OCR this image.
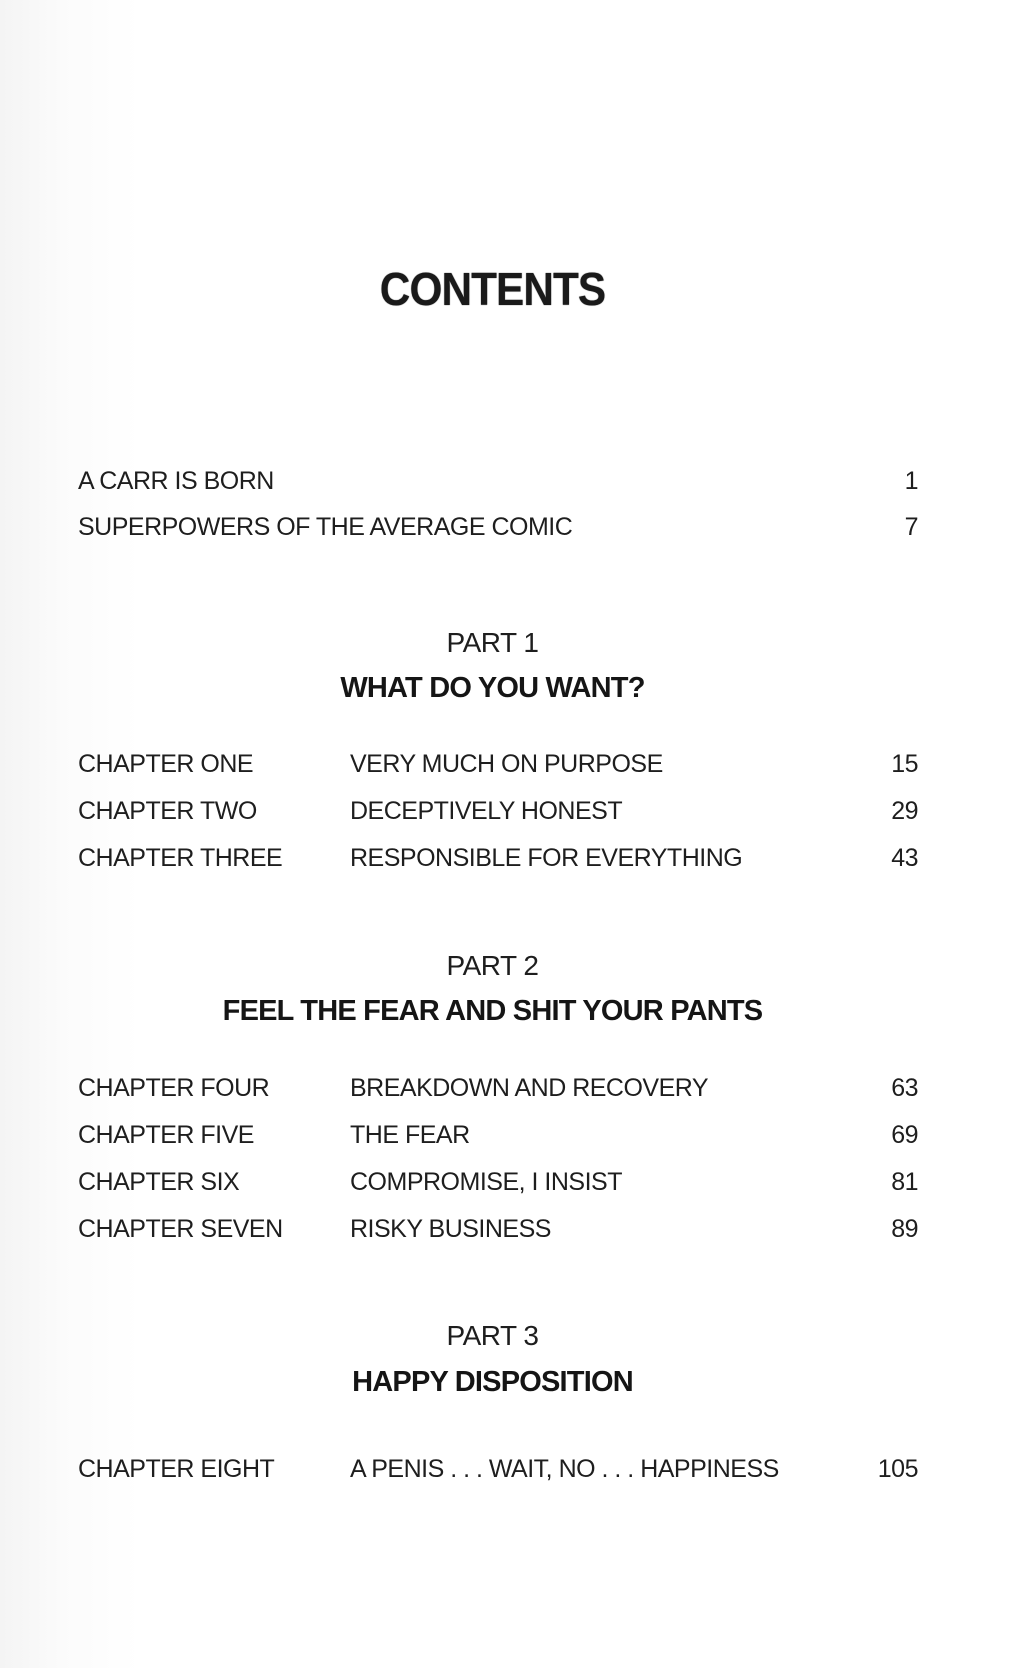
CONTENTS
A CARR IS BORN	1
SUPERPOWERS OF THE AVERAGE COMIC	7
PART 1
WHAT DO YOU WANT?
CHAPTER ONE	VERY MUCH ON PURPOSE	15
CHAPTER TWO	DECEPTIVELY HONEST	29
CHAPTER THREE	RESPONSIBLE FOR EVERYTHING	43
PART 2
FEEL THE FEAR AND SHIT YOUR PANTS
CHAPTER FOUR	BREAKDOWN AND RECOVERY	63
CHAPTER FIVE	THE FEAR	69
CHAPTER SIX	COMPROMISE, I INSIST	81
CHAPTER SEVEN	RISKY BUSINESS	89
PART 3
HAPPY DISPOSITION
CHAPTER EIGHT	A PENIS . . . WAIT, NO . . . HAPPINESS	105
